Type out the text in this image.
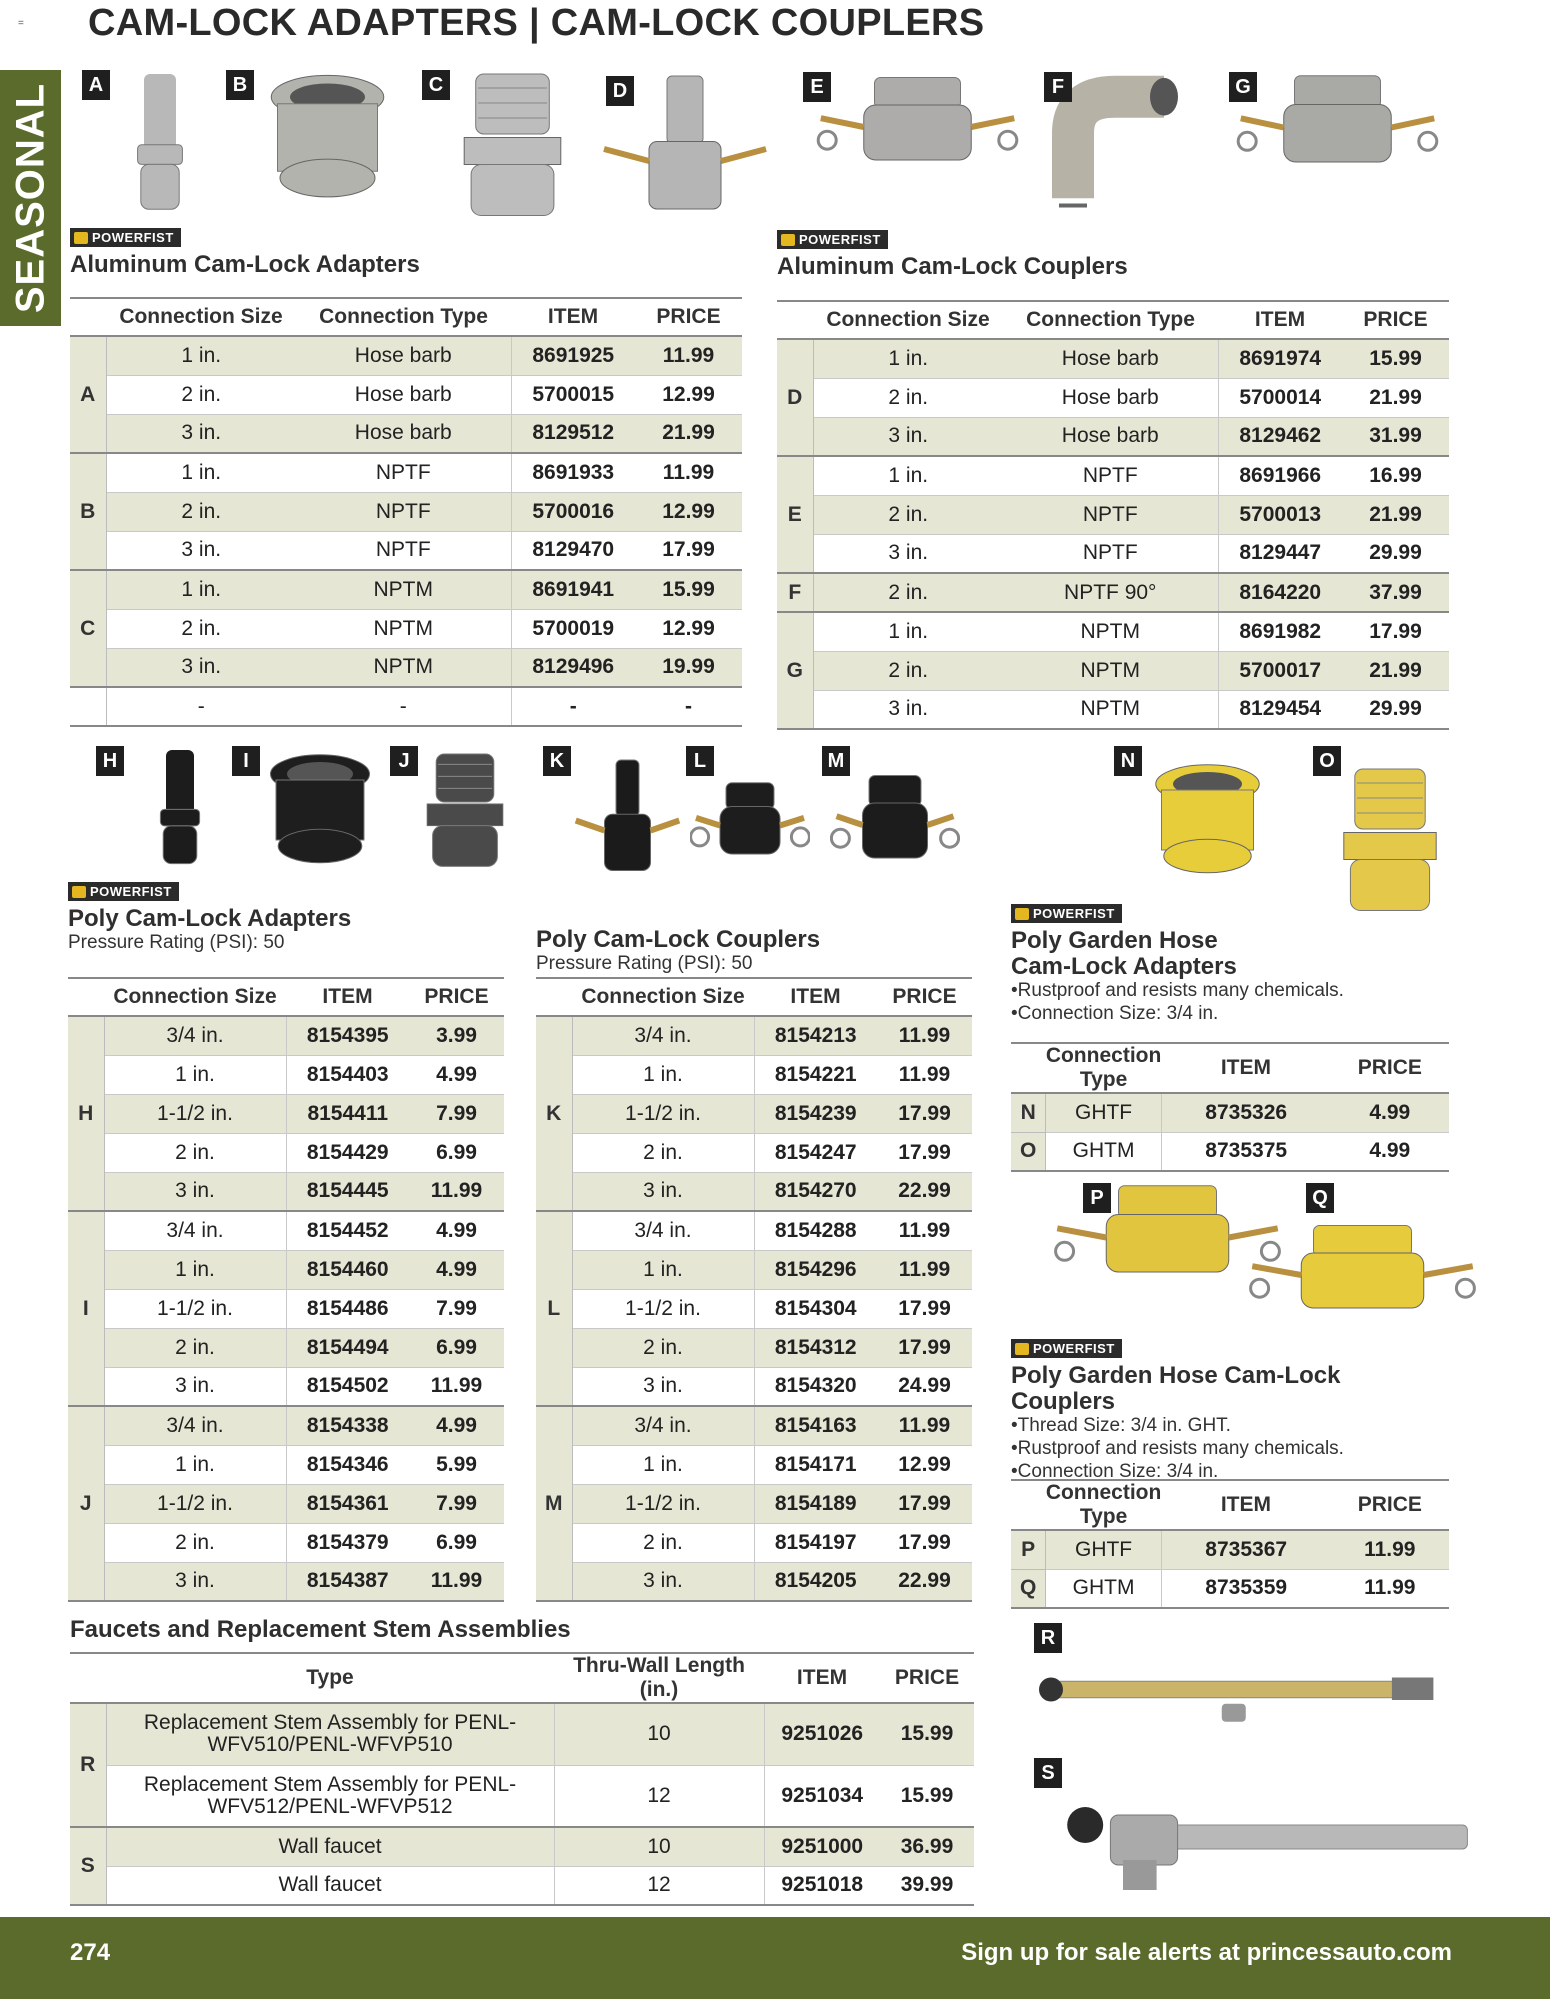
= CAM-LOCK ADAPTERS | CAM-LOCK COUPLERS
SEASONAL	A	B	C	D	E	F	G
POWERFIST
Aluminum Cam-Lock Adapters
	Connection Size	Connection Type	ITEM	PRICE
A	1 in.	Hose barb	8691925	11.99
	2 in.	Hose barb	5700015	12.99
	3 in.	Hose barb	8129512	21.99
B	1 in.	NPTF	8691933	11.99
	2 in.	NPTF	5700016	12.99
	3 in.	NPTF	8129470	17.99
C	1 in.	NPTM	8691941	15.99
	2 in.	NPTM	5700019	12.99
	3 in.	NPTM	8129496	19.99
	-	-	-	-
POWERFIST
Aluminum Cam-Lock Couplers
	Connection Size	Connection Type	ITEM	PRICE
D	1 in.	Hose barb	8691974	15.99
	2 in.	Hose barb	5700014	21.99
	3 in.	Hose barb	8129462	31.99
E	1 in.	NPTF	8691966	16.99
	2 in.	NPTF	5700013	21.99
	3 in.	NPTF	8129447	29.99
F	2 in.	NPTF 90°	8164220	37.99
G	1 in.	NPTM	8691982	17.99
	2 in.	NPTM	5700017	21.99
	3 in.	NPTM	8129454	29.99
POWERFIST
Poly Cam-Lock Adapters
Pressure Rating (PSI): 50
	Connection Size	ITEM	PRICE
H	3/4 in.	8154395	3.99
	1 in.	8154403	4.99
	1-1/2 in.	8154411	7.99
	2 in.	8154429	6.99
	3 in.	8154445	11.99
I	3/4 in.	8154452	4.99
	1 in.	8154460	4.99
	1-1/2 in.	8154486	7.99
	2 in.	8154494	6.99
	3 in.	8154502	11.99
J	3/4 in.	8154338	4.99
	1 in.	8154346	5.99
	1-1/2 in.	8154361	7.99
	2 in.	8154379	6.99
	3 in.	8154387	11.99
Poly Cam-Lock Couplers
Pressure Rating (PSI): 50
	Connection Size	ITEM	PRICE
K	3/4 in.	8154213	11.99
	1 in.	8154221	11.99
	1-1/2 in.	8154239	17.99
	2 in.	8154247	17.99
	3 in.	8154270	22.99
L	3/4 in.	8154288	11.99
	1 in.	8154296	11.99
	1-1/2 in.	8154304	17.99
	2 in.	8154312	17.99
	3 in.	8154320	24.99
M	3/4 in.	8154163	11.99
	1 in.	8154171	12.99
	1-1/2 in.	8154189	17.99
	2 in.	8154197	17.99
	3 in.	8154205	22.99
POWERFIST
Poly Garden Hose
Cam-Lock Adapters
•Rustproof and resists many chemicals.
•Connection Size: 3/4 in.
	Connection Type	ITEM	PRICE
N	GHTF	8735326	4.99
O	GHTM	8735375	4.99
POWERFIST
Poly Garden Hose Cam-Lock Couplers
•Thread Size: 3/4 in. GHT.
•Rustproof and resists many chemicals.
•Connection Size: 3/4 in.
	Connection Type	ITEM	PRICE
P	GHTF	8735367	11.99
Q	GHTM	8735359	11.99
Faucets and Replacement Stem Assemblies
	Type	Thru-Wall Length (in.)	ITEM	PRICE
R	Replacement Stem Assembly for PENL-WFV510/PENL-WFVP510	10	9251026	15.99
	Replacement Stem Assembly for PENL-WFV512/PENL-WFVP512	12	9251034	15.99
S	Wall faucet	10	9251000	36.99
	Wall faucet	12	9251018	39.99
H	I	J	K	L	M	N	O
P	Q
R
S
274	Sign up for sale alerts at princessauto.com
